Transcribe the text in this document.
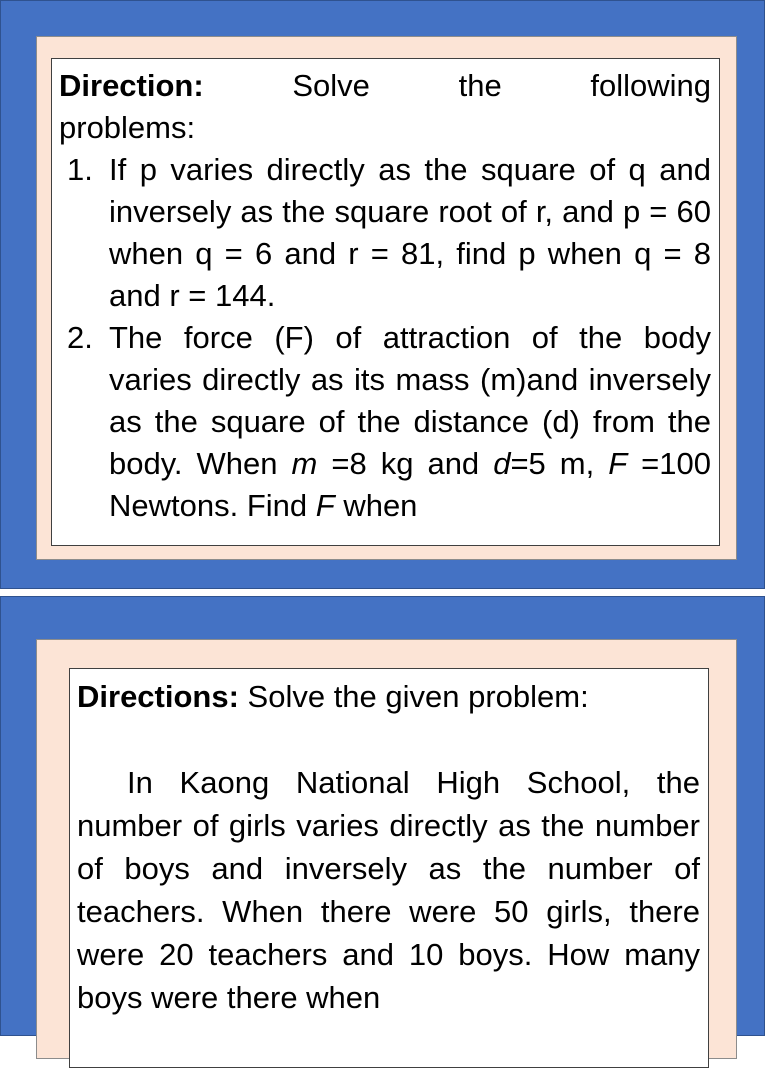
Direction: Solve the following
problems:
1. If p varies directly as the square of q and inversely as the square root of r, and p = 60 when q = 6 and r = 81, find p when q = 8 and r = 144.
2. The force (F) of attraction of the body varies directly as its mass (m)and inversely as the square of the distance (d) from the body. When m =8 kg and d=5 m, F =100 Newtons. Find F when
Directions: Solve the given problem:

In Kaong National High School, the number of girls varies directly as the number of boys and inversely as the number of teachers. When there were 50 girls, there were 20 teachers and 10 boys. How many boys were there when
